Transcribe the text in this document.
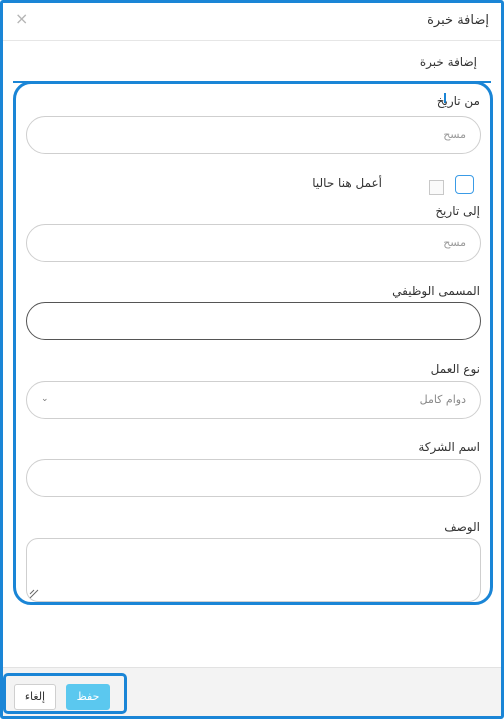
×	إضافة خبرة
إضافة خبرة
من تاريخ
مسح
أعمل هنا حاليا
إلى تاريخ
مسح
المسمى الوظيفي
نوع العمل
دوام كامل
⌄
اسم الشركة
الوصف
إلغاء	حفظ
